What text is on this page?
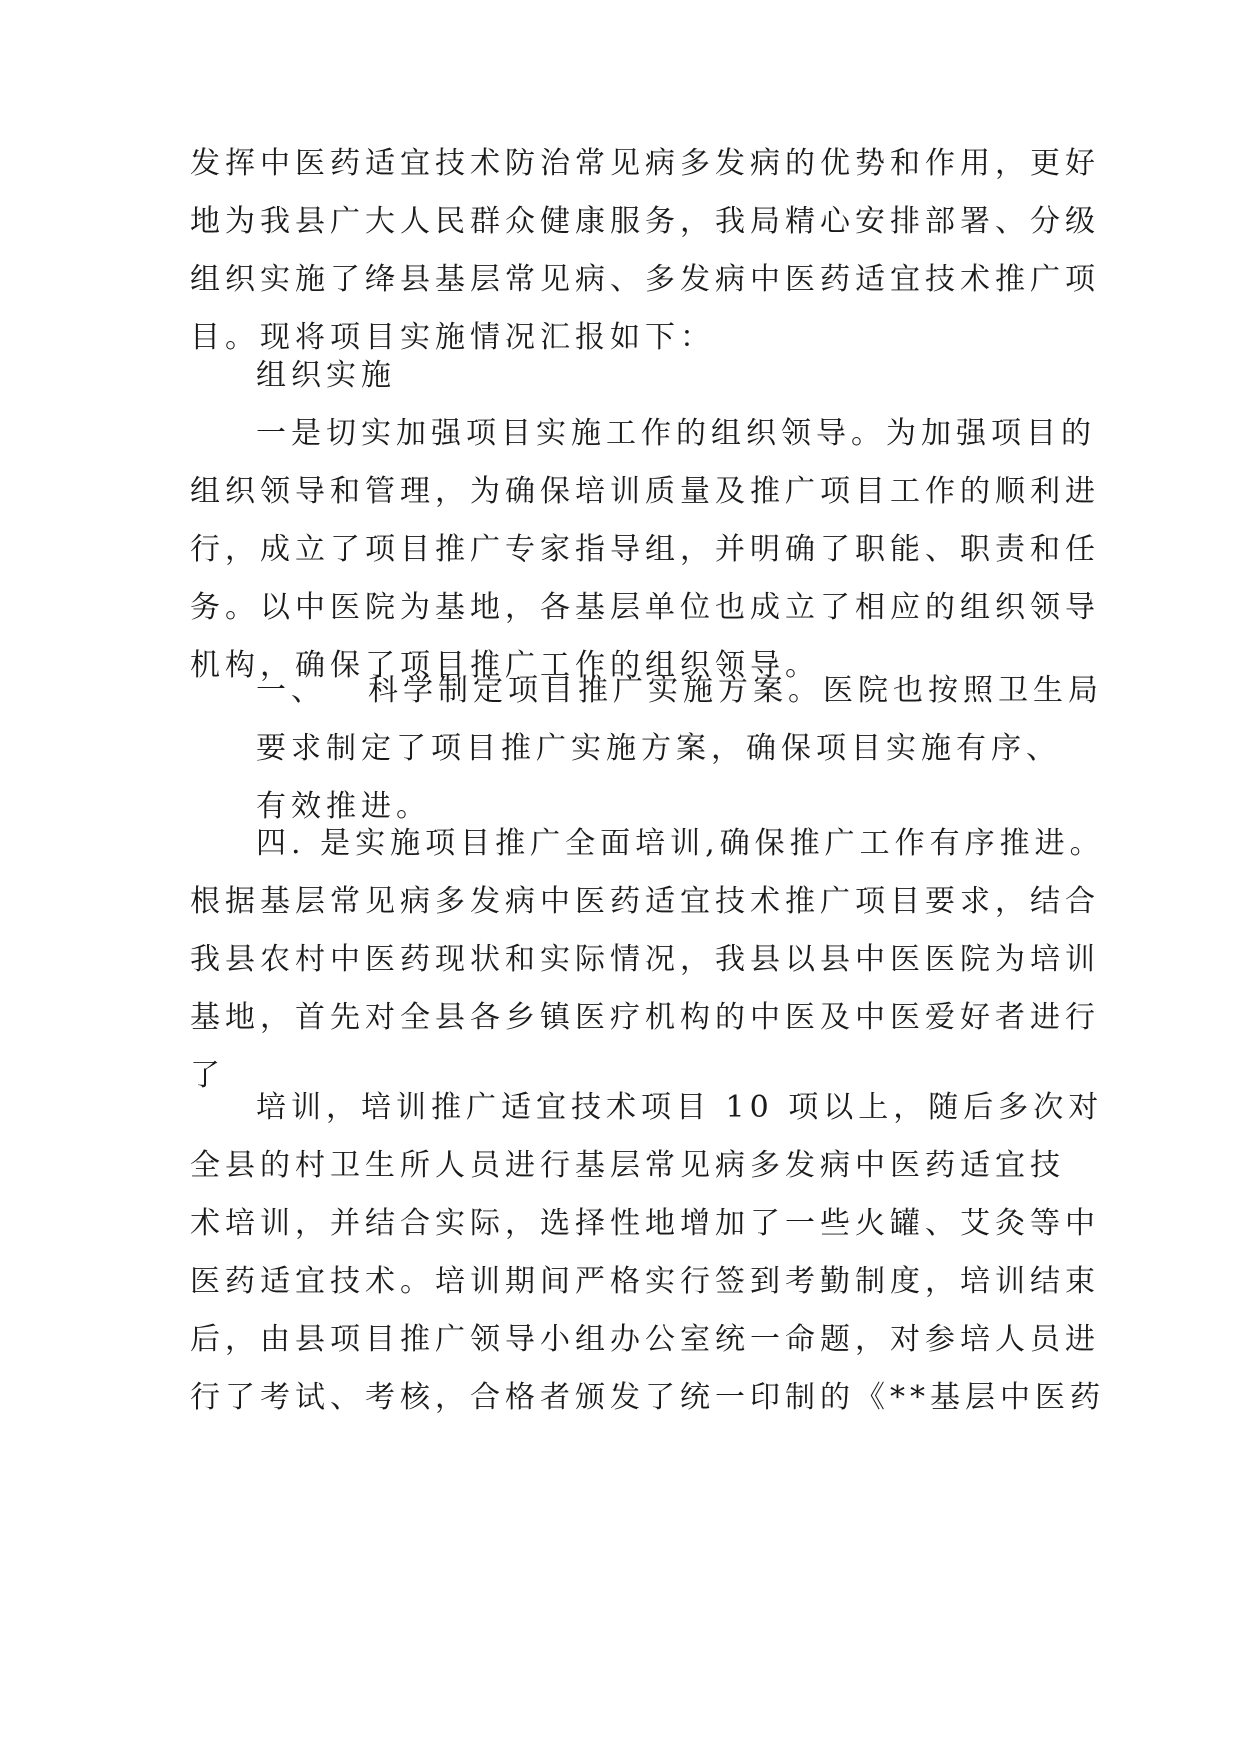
发挥中医药适宜技术防治常见病多发病的优势和作用，更好
地为我县广大人民群众健康服务，我局精心安排部署、分级
组织实施了绛县基层常见病、多发病中医药适宜技术推广项
目。现将项目实施情况汇报如下：
组织实施
一是切实加强项目实施工作的组织领导。为加强项目的
组织领导和管理，为确保培训质量及推广项目工作的顺利进
行，成立了项目推广专家指导组，并明确了职能、职责和任
务。以中医院为基地，各基层单位也成立了相应的组织领导
机构，确保了项目推广工作的组织领导。
一、 科学制定项目推广实施方案。医院也按照卫生局
要求制定了项目推广实施方案，确保项目实施有序、
有效推进。
四. 是实施项目推广全面培训,确保推广工作有序推进。
根据基层常见病多发病中医药适宜技术推广项目要求，结合
我县农村中医药现状和实际情况，我县以县中医医院为培训
基地，首先对全县各乡镇医疗机构的中医及中医爱好者进行
了
培训，培训推广适宜技术项目 10 项以上，随后多次对
全县的村卫生所人员进行基层常见病多发病中医药适宜技
术培训，并结合实际，选择性地增加了一些火罐、艾灸等中
医药适宜技术。培训期间严格实行签到考勤制度，培训结束
后，由县项目推广领导小组办公室统一命题，对参培人员进
行了考试、考核，合格者颁发了统一印制的《**基层中医药
